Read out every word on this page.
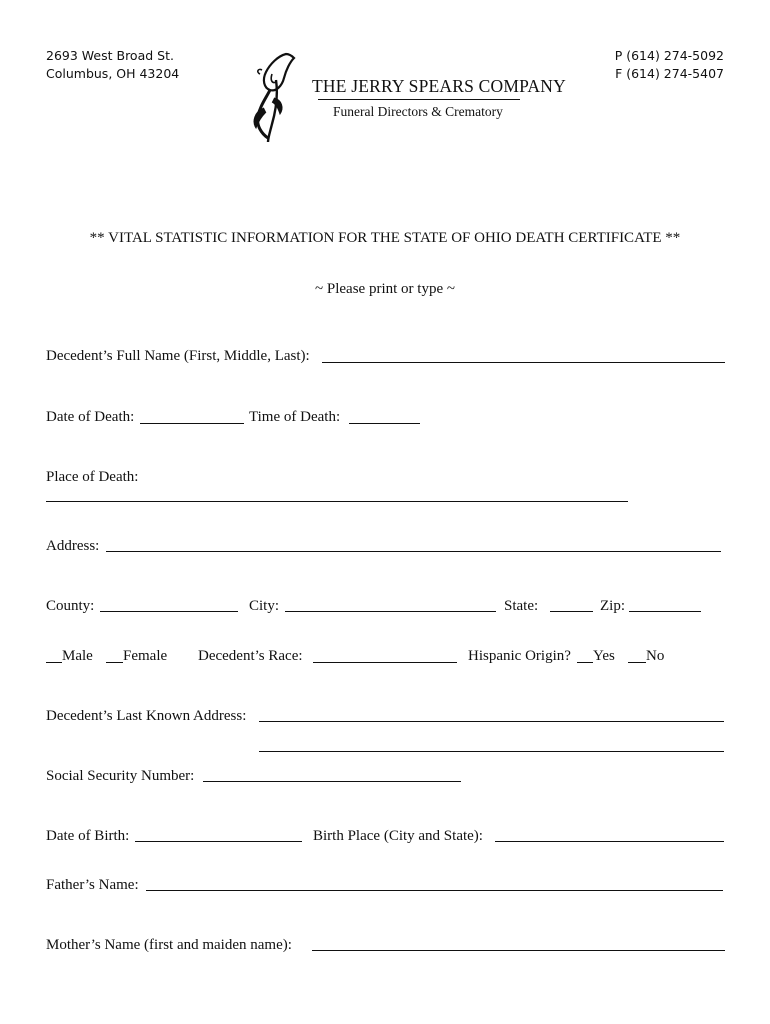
2693 West Broad St.
Columbus, OH 43204
P (614) 274-5092
F (614) 274-5407
THE JERRY SPEARS COMPANY
Funeral Directors & Crematory
** VITAL STATISTIC INFORMATION FOR THE STATE OF OHIO DEATH CERTIFICATE **
~ Please print or type ~
Decedent’s Full Name (First, Middle, Last):
Date of Death:	Time of Death:
Place of Death:
Address:
County:	City:	State:	Zip:
Male Female Decedent’s Race:	Hispanic Origin? Yes No
Decedent’s Last Known Address:
Social Security Number:
Date of Birth:	Birth Place (City and State):
Father’s Name:
Mother’s Name (first and maiden name):
